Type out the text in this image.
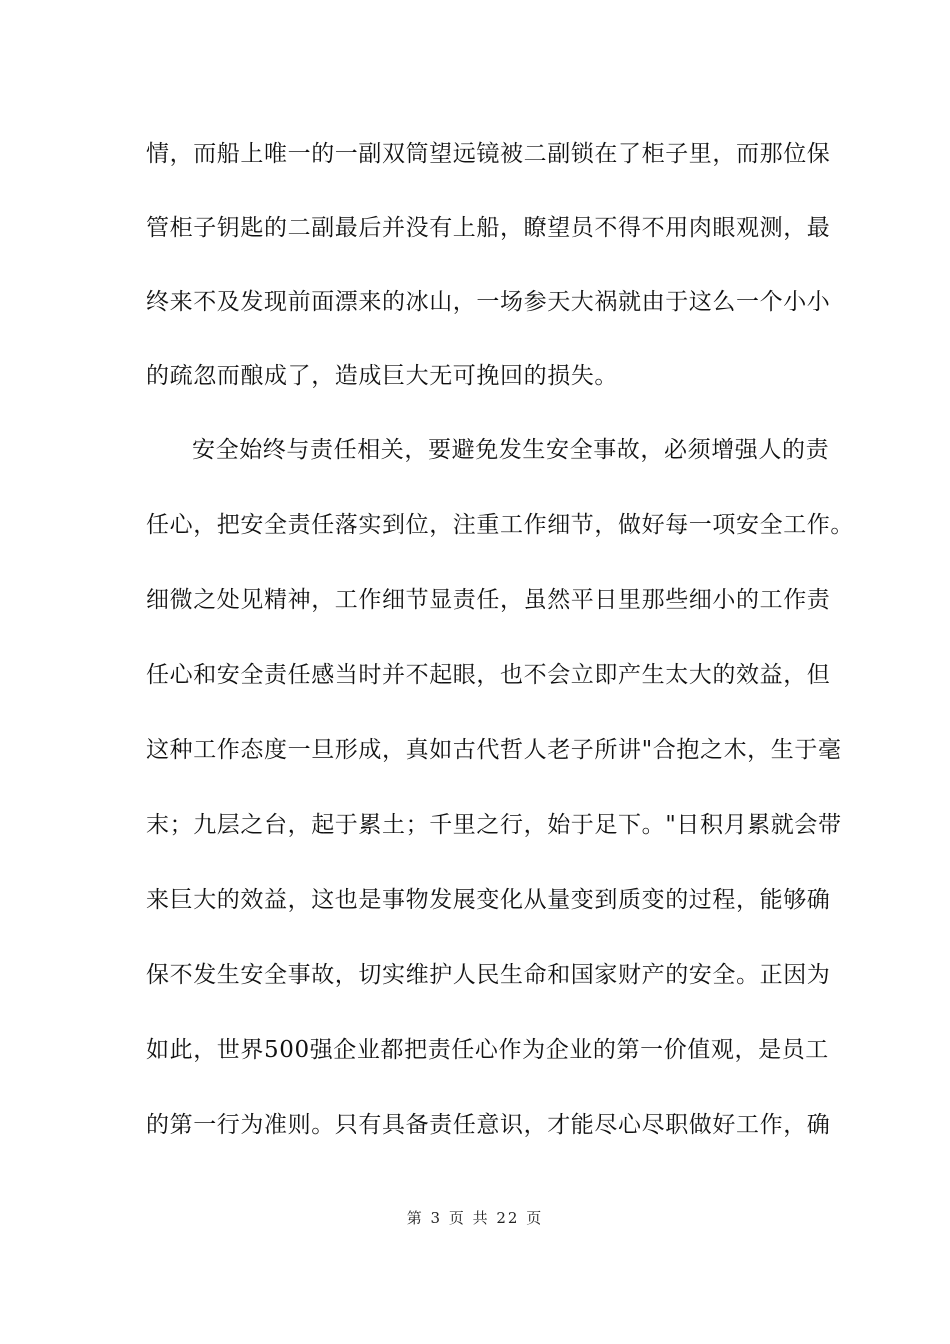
情，而船上唯一的一副双筒望远镜被二副锁在了柜子里，而那位保
管柜子钥匙的二副最后并没有上船，瞭望员不得不用肉眼观测，最
终来不及发现前面漂来的冰山，一场参天大祸就由于这么一个小小
的疏忽而酿成了，造成巨大无可挽回的损失。
安全始终与责任相关，要避免发生安全事故，必须增强人的责
任心，把安全责任落实到位，注重工作细节，做好每一项安全工作。
细微之处见精神，工作细节显责任，虽然平日里那些细小的工作责
任心和安全责任感当时并不起眼，也不会立即产生太大的效益，但
这种工作态度一旦形成，真如古代哲人老子所讲"合抱之木，生于毫
末；九层之台，起于累土；千里之行，始于足下。"日积月累就会带
来巨大的效益，这也是事物发展变化从量变到质变的过程，能够确
保不发生安全事故，切实维护人民生命和国家财产的安全。正因为
如此，世界500强企业都把责任心作为企业的第一价值观，是员工
的第一行为准则。只有具备责任意识，才能尽心尽职做好工作，确
第 3 页 共 22 页
